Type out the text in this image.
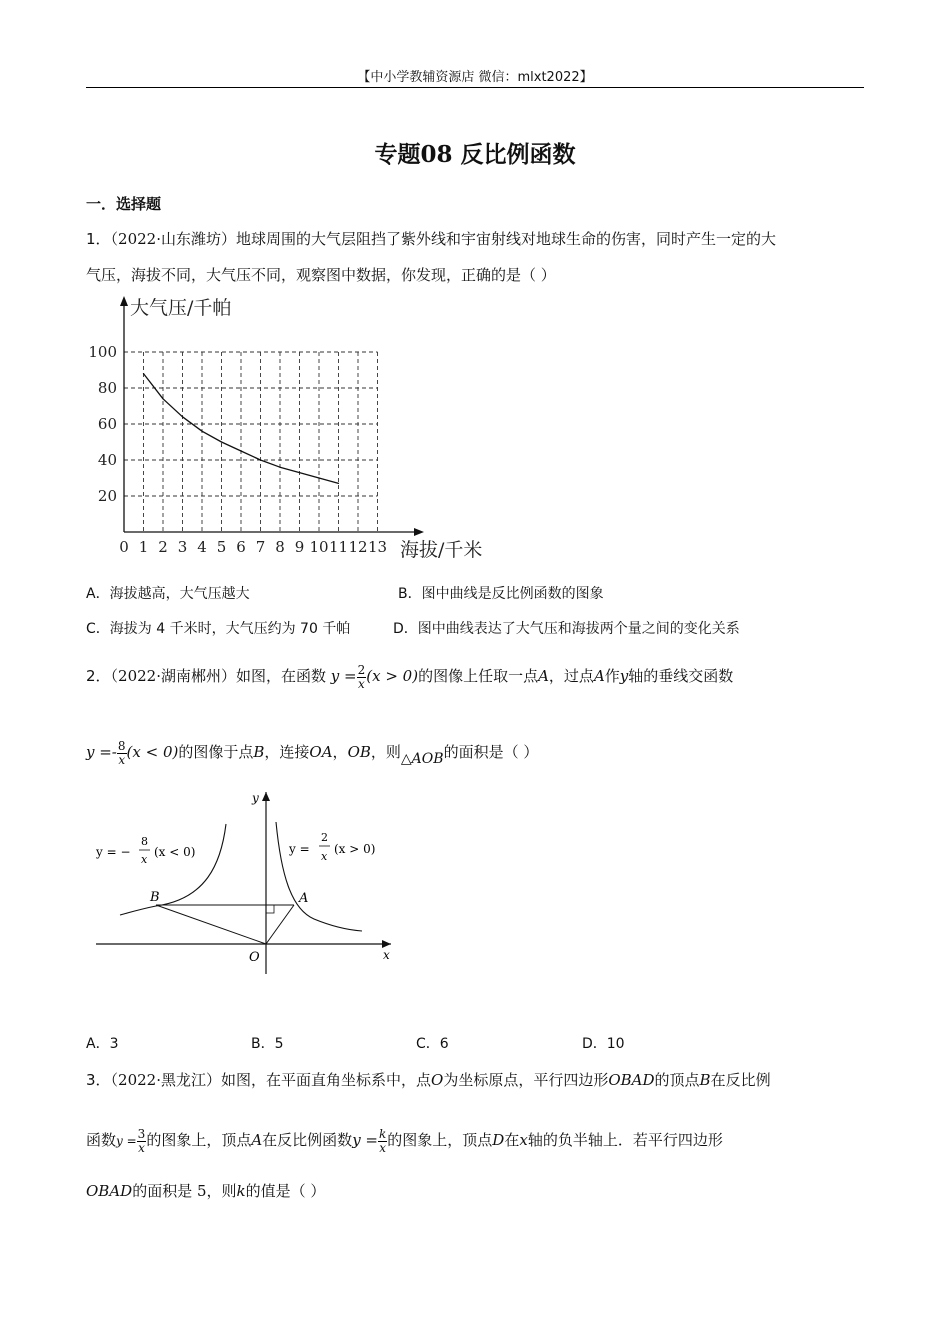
【中小学教辅资源店 微信：mlxt2022】
专题08 反比例函数
一．选择题
1．（2022·山东潍坊）地球周围的大气层阻挡了紫外线和宇宙射线对地球生命的伤害，同时产生一定的大
气压，海拔不同，大气压不同，观察图中数据，你发现，正确的是（ ）
0 1 2 3 4 5 6 7 8 9 10 11 12 13
20
40
60
80
100
大气压/千帕
海拔/千米
A．海拔越高，大气压越大	B．图中曲线是反比例函数的图象
C．海拔为 4 千米时，大气压约为 70 千帕	D．图中曲线表达了大气压和海拔两个量之间的变化关系
2．（2022·湖南郴州）如图，在函数 $y = \frac{2}{x} (x > 0)$的图像上任取一点A，过点A作y轴的垂线交函数
$y =- \frac{8}{x} (x < 0)$的图像于点B，连接OA，OB，则△AOB的面积是（ ）
B	A
O	x
y
y = −
8
x
(x < 0)	y =
2
x
(x > 0)
A．3	B．5	C．6	D．10
3．（2022·黑龙江）如图，在平面直角坐标系中，点O为坐标原点，平行四边形OBAD的顶点B在反比例
函数$y = \frac{3}{x}$ 的图象上，顶点A在反比例函数$y = \frac{k}{x}$ 的图象上，顶点D在x轴的负半轴上．若平行四边形
OBAD的面积是 5，则k的值是（ ）
